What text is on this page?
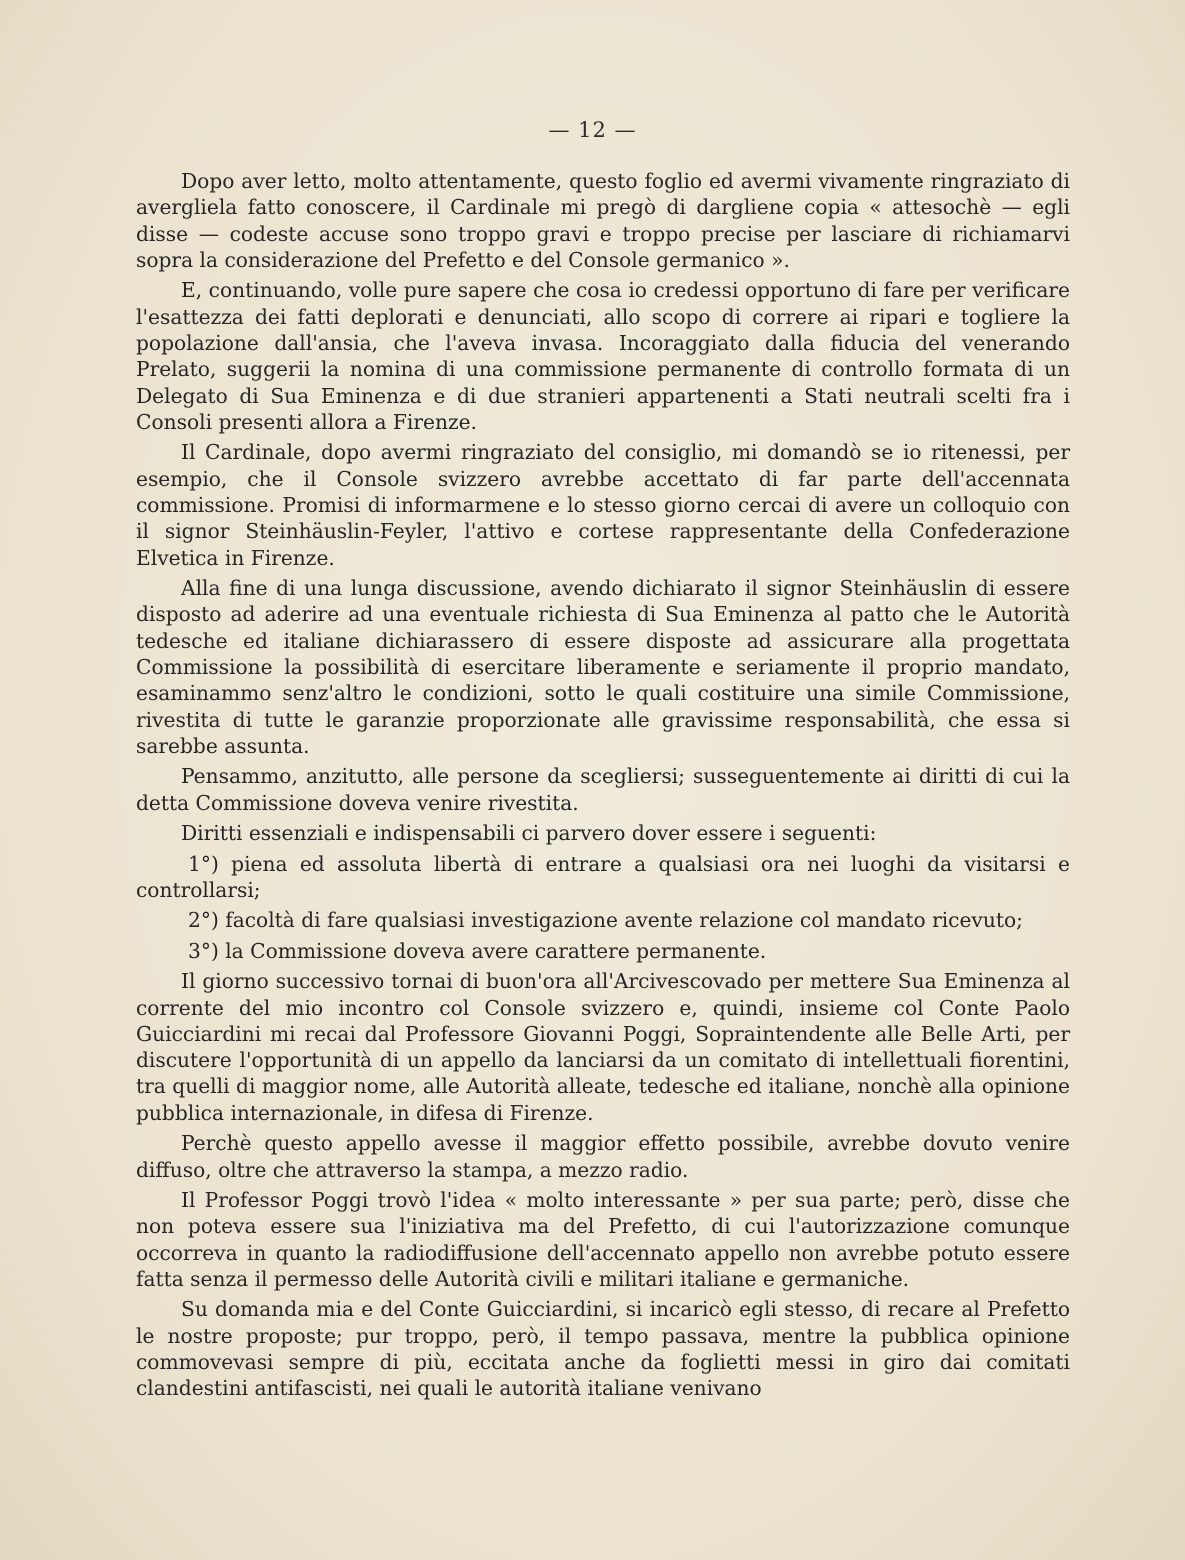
— 12 —

Dopo aver letto, molto attentamente, questo foglio ed avermi vivamente ringraziato di avergliela fatto conoscere, il Cardinale mi pregò di dargliene copia « attesochè — egli disse — codeste accuse sono troppo gravi e troppo precise per lasciare di richiamarvi sopra la considerazione del Prefetto e del Console germanico ».

E, continuando, volle pure sapere che cosa io credessi opportuno di fare per verificare l'esattezza dei fatti deplorati e denunciati, allo scopo di correre ai ripari e togliere la popolazione dall'ansia, che l'aveva invasa. Incoraggiato dalla fiducia del venerando Prelato, suggerii la nomina di una commissione permanente di controllo formata di un Delegato di Sua Eminenza e di due stranieri appartenenti a Stati neutrali scelti fra i Consoli presenti allora a Firenze.

Il Cardinale, dopo avermi ringraziato del consiglio, mi domandò se io ritenessi, per esempio, che il Console svizzero avrebbe accettato di far parte dell'accennata commissione. Promisi di informarmene e lo stesso giorno cercai di avere un colloquio con il signor Steinhäuslin-Feyler, l'attivo e cortese rappresentante della Confederazione Elvetica in Firenze.

Alla fine di una lunga discussione, avendo dichiarato il signor Steinhäuslin di essere disposto ad aderire ad una eventuale richiesta di Sua Eminenza al patto che le Autorità tedesche ed italiane dichiarassero di essere disposte ad assicurare alla progettata Commissione la possibilità di esercitare liberamente e seriamente il proprio mandato, esaminammo senz'altro le condizioni, sotto le quali costituire una simile Commissione, rivestita di tutte le garanzie proporzionate alle gravissime responsabilità, che essa si sarebbe assunta.

Pensammo, anzitutto, alle persone da scegliersi; susseguentemente ai diritti di cui la detta Commissione doveva venire rivestita.

Diritti essenziali e indispensabili ci parvero dover essere i seguenti:

1°) piena ed assoluta libertà di entrare a qualsiasi ora nei luoghi da visitarsi e controllarsi;

2°) facoltà di fare qualsiasi investigazione avente relazione col mandato ricevuto;

3°) la Commissione doveva avere carattere permanente.

Il giorno successivo tornai di buon'ora all'Arcivescovado per mettere Sua Eminenza al corrente del mio incontro col Console svizzero e, quindi, insieme col Conte Paolo Guicciardini mi recai dal Professore Giovanni Poggi, Sopraintendente alle Belle Arti, per discutere l'opportunità di un appello da lanciarsi da un comitato di intellettuali fiorentini, tra quelli di maggior nome, alle Autorità alleate, tedesche ed italiane, nonchè alla opinione pubblica internazionale, in difesa di Firenze.

Perchè questo appello avesse il maggior effetto possibile, avrebbe dovuto venire diffuso, oltre che attraverso la stampa, a mezzo radio.

Il Professor Poggi trovò l'idea « molto interessante » per sua parte; però, disse che non poteva essere sua l'iniziativa ma del Prefetto, di cui l'autorizzazione comunque occorreva in quanto la radiodiffusione dell'accennato appello non avrebbe potuto essere fatta senza il permesso delle Autorità civili e militari italiane e germaniche.

Su domanda mia e del Conte Guicciardini, si incaricò egli stesso, di recare al Prefetto le nostre proposte; pur troppo, però, il tempo passava, mentre la pubblica opinione commovevasi sempre di più, eccitata anche da foglietti messi in giro dai comitati clandestini antifascisti, nei quali le autorità italiane venivano
